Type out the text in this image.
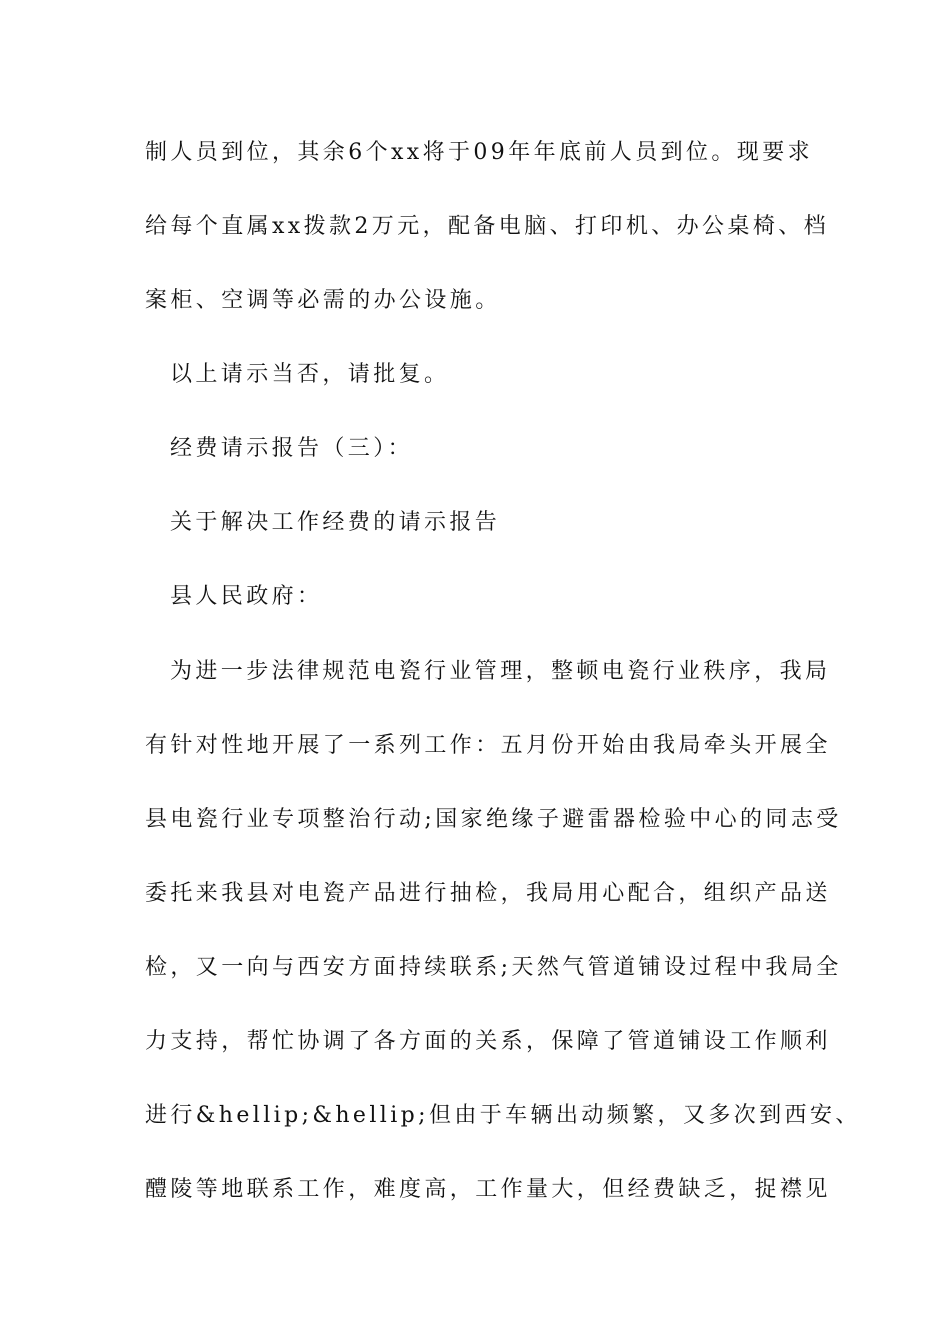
制人员到位，其余6个xx将于09年年底前人员到位。现要求
给每个直属xx拨款2万元，配备电脑、打印机、办公桌椅、档
案柜、空调等必需的办公设施。
以上请示当否，请批复。
经费请示报告（三）：
关于解决工作经费的请示报告
县人民政府：
为进一步法律规范电瓷行业管理，整顿电瓷行业秩序，我局
有针对性地开展了一系列工作：五月份开始由我局牵头开展全
县电瓷行业专项整治行动;国家绝缘子避雷器检验中心的同志受
委托来我县对电瓷产品进行抽检，我局用心配合，组织产品送
检，又一向与西安方面持续联系;天然气管道铺设过程中我局全
力支持，帮忙协调了各方面的关系，保障了管道铺设工作顺利
进行&hellip;&hellip;但由于车辆出动频繁，又多次到西安、
醴陵等地联系工作，难度高，工作量大，但经费缺乏，捉襟见
